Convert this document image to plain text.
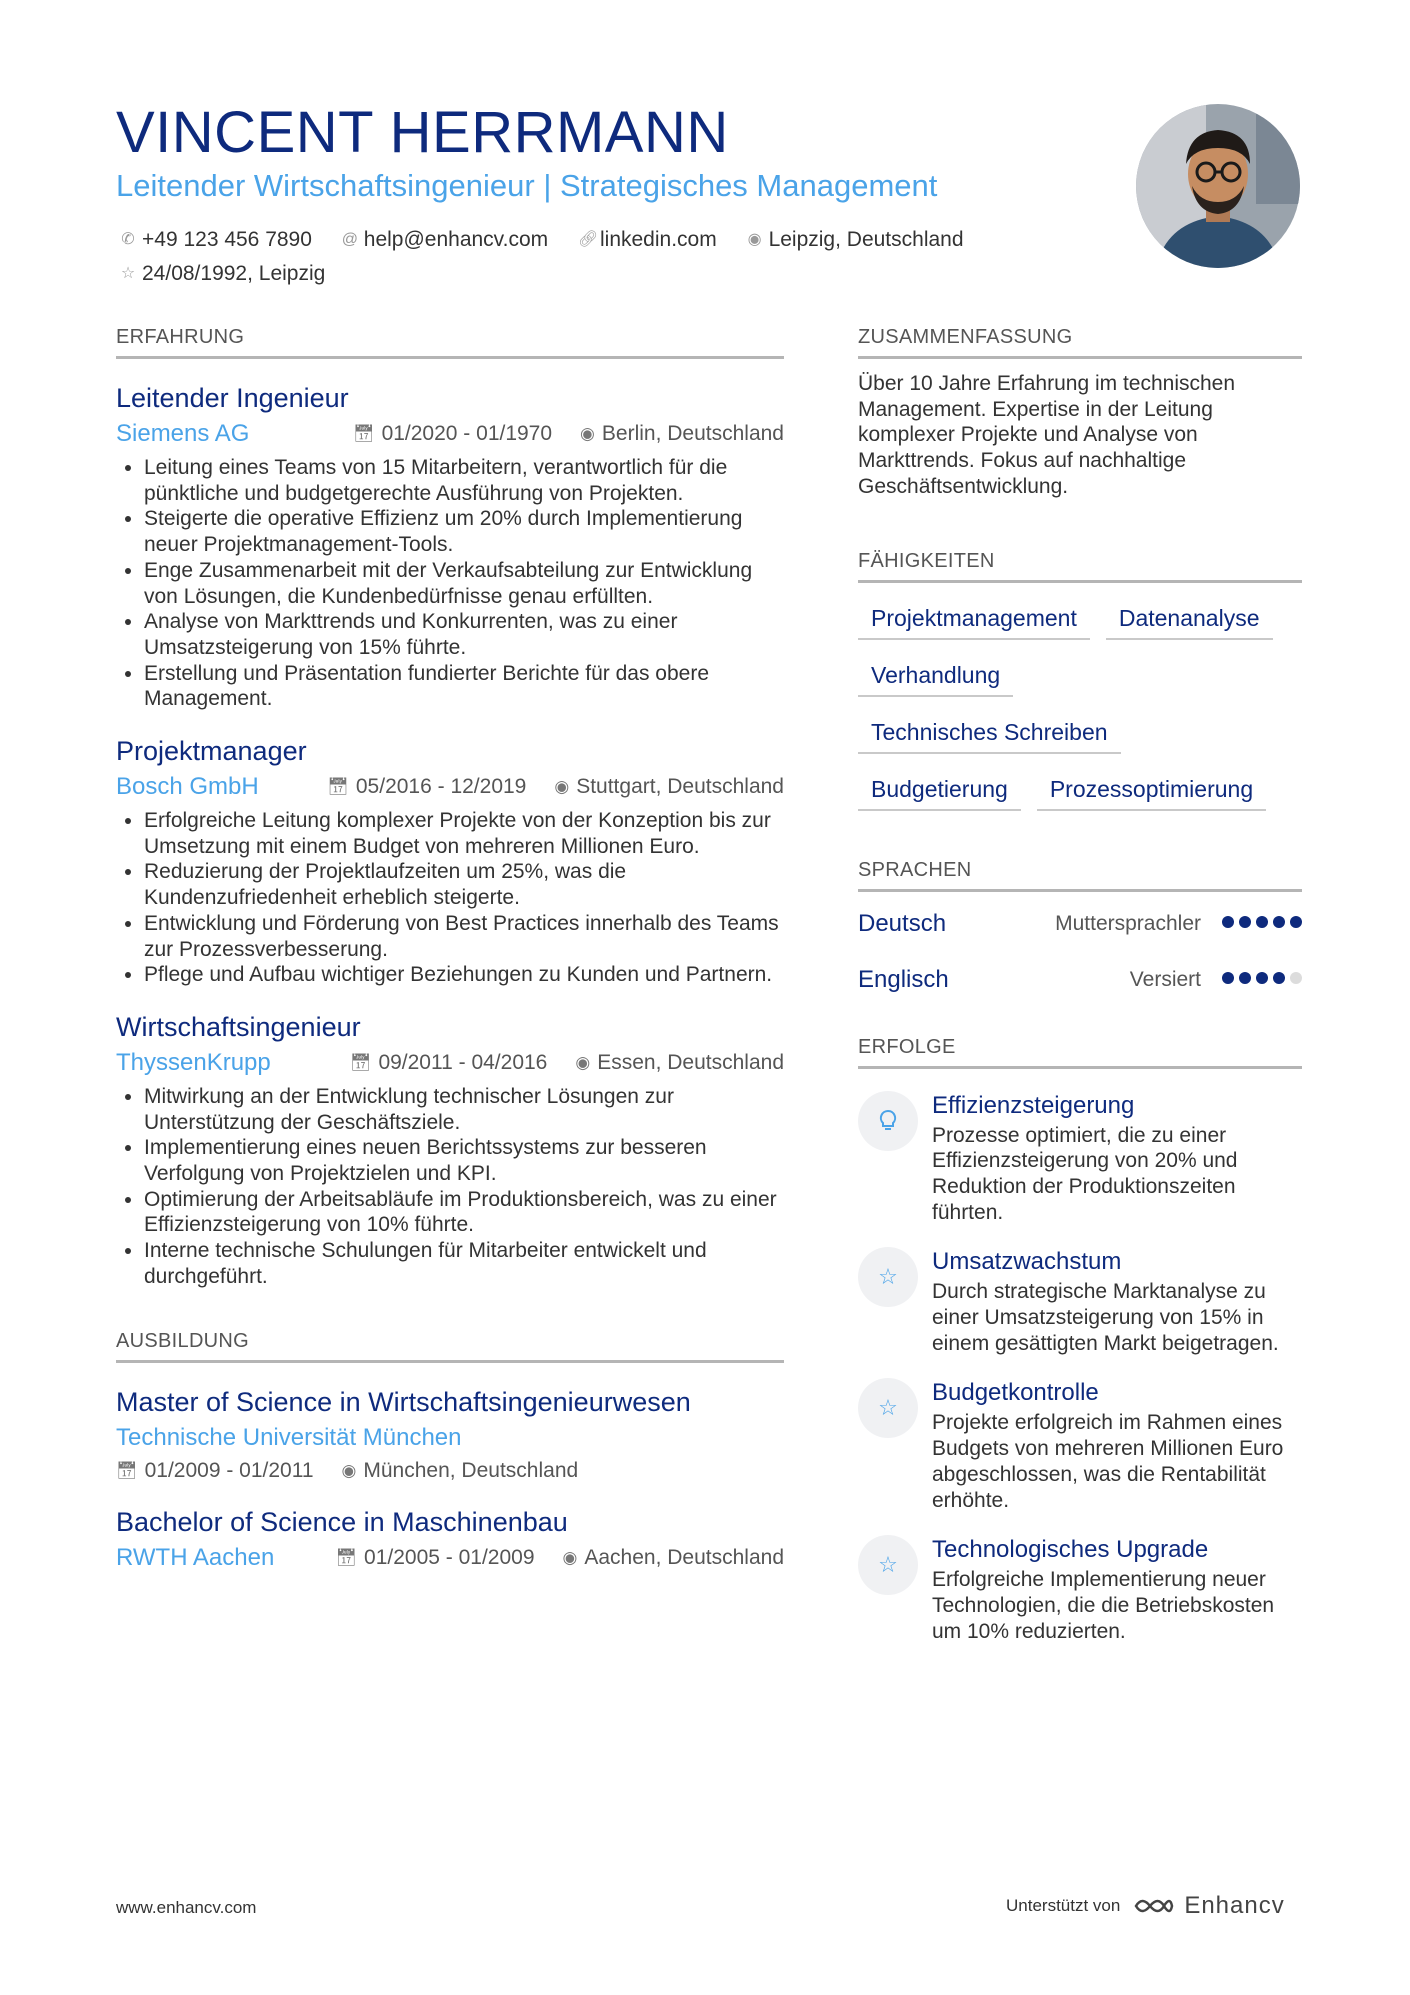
VINCENT HERRMANN
Leitender Wirtschaftsingenieur | Strategisches Management
✆ +49 123 456 7890
@ help@enhancv.com
🔗︎ linkedin.com
◉ Leipzig, Deutschland

☆ 24/08/1992, Leipzig
ERFAHRUNG
Leitender Ingenieur
Siemens AG	📅︎ 01/2020 - 01/1970 ◉ Berlin, Deutschland
• Leitung eines Teams von 15 Mitarbeitern, verantwortlich für die pünktliche und budgetgerechte Ausführung von Projekten.
• Steigerte die operative Effizienz um 20% durch Implementierung neuer Projektmanagement-Tools.
• Enge Zusammenarbeit mit der Verkaufsabteilung zur Entwicklung von Lösungen, die Kundenbedürfnisse genau erfüllten.
• Analyse von Markttrends und Konkurrenten, was zu einer Umsatzsteigerung von 15% führte.
• Erstellung und Präsentation fundierter Berichte für das obere Management.
Projektmanager
Bosch GmbH	📅︎ 05/2016 - 12/2019 ◉ Stuttgart, Deutschland
• Erfolgreiche Leitung komplexer Projekte von der Konzeption bis zur Umsetzung mit einem Budget von mehreren Millionen Euro.
• Reduzierung der Projektlaufzeiten um 25%, was die Kundenzufriedenheit erheblich steigerte.
• Entwicklung und Förderung von Best Practices innerhalb des Teams zur Prozessverbesserung.
• Pflege und Aufbau wichtiger Beziehungen zu Kunden und Partnern.
Wirtschaftsingenieur
ThyssenKrupp	📅︎ 09/2011 - 04/2016 ◉ Essen, Deutschland
• Mitwirkung an der Entwicklung technischer Lösungen zur Unterstützung der Geschäftsziele.
• Implementierung eines neuen Berichtssystems zur besseren Verfolgung von Projektzielen und KPI.
• Optimierung der Arbeitsabläufe im Produktionsbereich, was zu einer Effizienzsteigerung von 10% führte.
• Interne technische Schulungen für Mitarbeiter entwickelt und durchgeführt.
AUSBILDUNG
Master of Science in Wirtschaftsingenieurwesen
Technische Universität München
📅︎ 01/2009 - 01/2011 ◉ München, Deutschland
Bachelor of Science in Maschinenbau
RWTH Aachen	📅︎ 01/2005 - 01/2009 ◉ Aachen, Deutschland
ZUSAMMENFASSUNG
Über 10 Jahre Erfahrung im technischen Management. Expertise in der Leitung komplexer Projekte und Analyse von Markttrends. Fokus auf nachhaltige Geschäftsentwicklung.
FÄHIGKEITEN
Projektmanagement	Datenanalyse
Verhandlung
Technisches Schreiben
Budgetierung	Prozessoptimierung
SPRACHEN
Deutsch	Muttersprachler
Englisch	Versiert
ERFOLGE
Effizienzsteigerung
Prozesse optimiert, die zu einer Effizienzsteigerung von 20% und Reduktion der Produktionszeiten führten.
☆
Umsatzwachstum
Durch strategische Marktanalyse zu einer Umsatzsteigerung von 15% in einem gesättigten Markt beigetragen.
☆
Budgetkontrolle
Projekte erfolgreich im Rahmen eines Budgets von mehreren Millionen Euro abgeschlossen, was die Rentabilität erhöhte.
☆
Technologisches Upgrade
Erfolgreiche Implementierung neuer Technologien, die die Betriebskosten um 10% reduzierten.
www.enhancv.com	Unterstützt von	Enhancv
